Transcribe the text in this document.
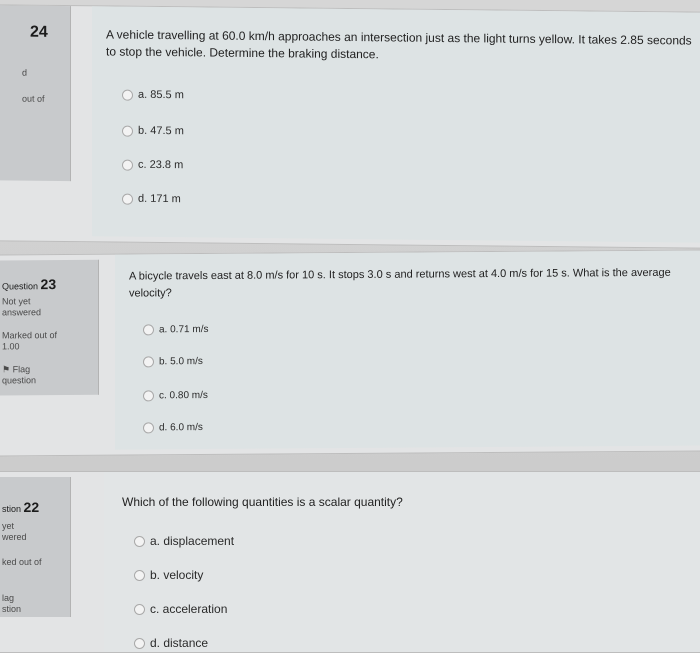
24
d
out of
A vehicle travelling at 60.0 km/h approaches an intersection just as the light turns yellow. It takes 2.85 seconds to stop the vehicle. Determine the braking distance.
a. 85.5 m
b. 47.5 m
c. 23.8 m
d. 171 m
Question 23
Not yet
answered
Marked out of
1.00
⚑ Flag
question
A bicycle travels east at 8.0 m/s for 10 s. It stops 3.0 s and returns west at 4.0 m/s for 15 s. What is the average velocity?
a. 0.71 m/s
b. 5.0 m/s
c. 0.80 m/s
d. 6.0 m/s
stion 22
yet
wered
ked out of
lag
stion
Which of the following quantities is a scalar quantity?
a. displacement
b. velocity
c. acceleration
d. distance
